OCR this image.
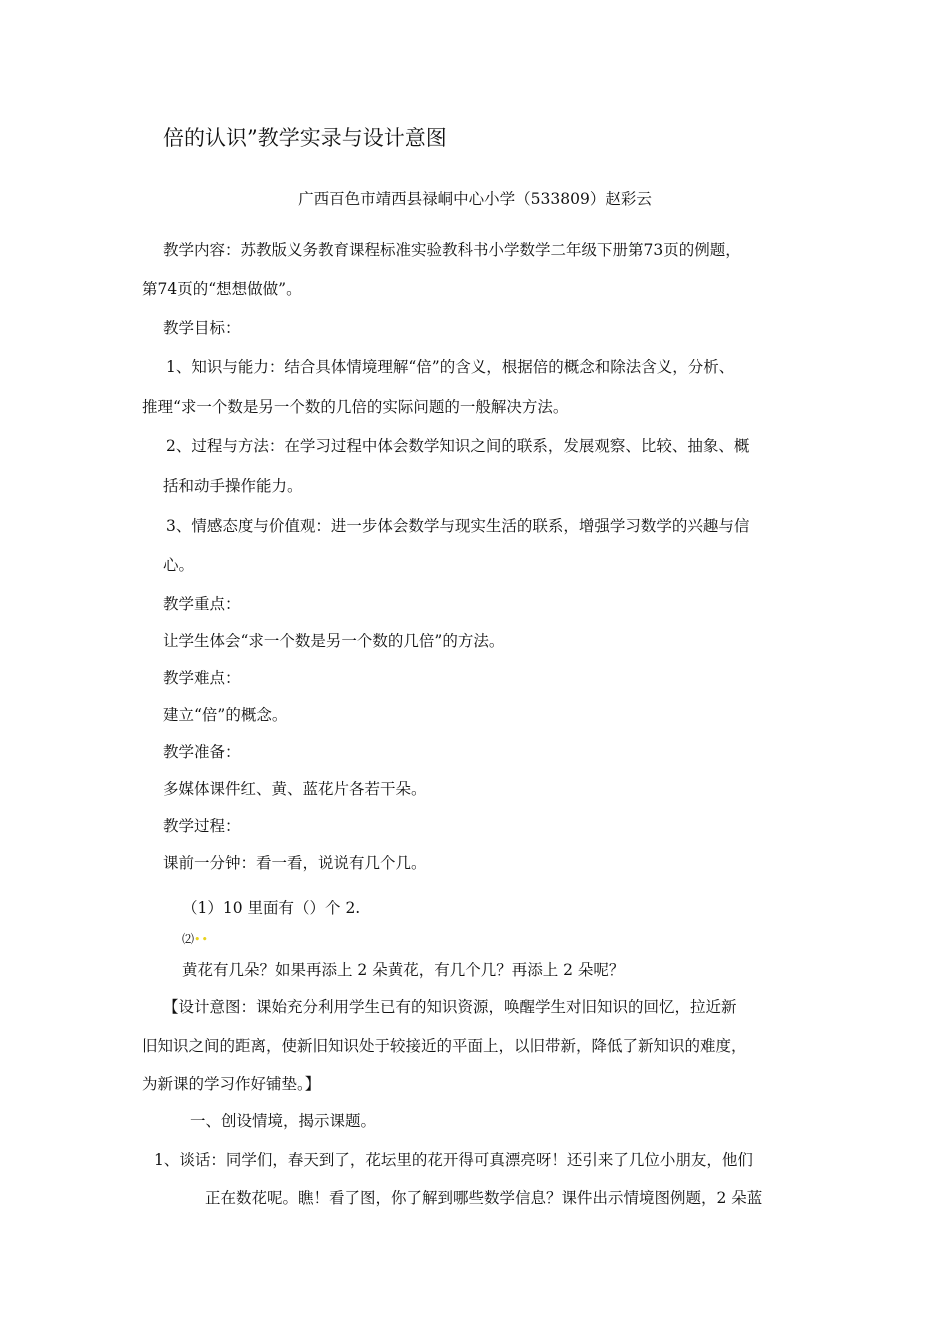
倍的认识”教学实录与设计意图
广西百色市靖西县禄峒中心小学（533809）赵彩云
教学内容：苏教版义务教育课程标准实验教科书小学数学二年级下册第73页的例题，
第74页的“想想做做”。
教学目标：
1、知识与能力：结合具体情境理解“倍”的含义，根据倍的概念和除法含义，分析、
推理“求一个数是另一个数的几倍的实际问题的一般解决方法。
2、过程与方法：在学习过程中体会数学知识之间的联系，发展观察、比较、抽象、概
括和动手操作能力。
3、情感态度与价值观：进一步体会数学与现实生活的联系，增强学习数学的兴趣与信
心。
教学重点：
让学生体会“求一个数是另一个数的几倍”的方法。
教学难点：
建立“倍”的概念。
教学准备：
多媒体课件红、黄、蓝花片各若干朵。
教学过程：
课前一分钟：看一看，说说有几个几。
（1）10 里面有（）个 2.
⑵••
黄花有几朵？如果再添上 2 朵黄花，有几个几？再添上 2 朵呢？
【设计意图：课始充分利用学生已有的知识资源，唤醒学生对旧知识的回忆，拉近新
旧知识之间的距离，使新旧知识处于较接近的平面上，以旧带新，降低了新知识的难度，
为新课的学习作好铺垫。】
一、创设情境，揭示课题。
1、谈话：同学们，春天到了，花坛里的花开得可真漂亮呀！还引来了几位小朋友，他们
正在数花呢。瞧！看了图，你了解到哪些数学信息？课件出示情境图例题，2 朵蓝
